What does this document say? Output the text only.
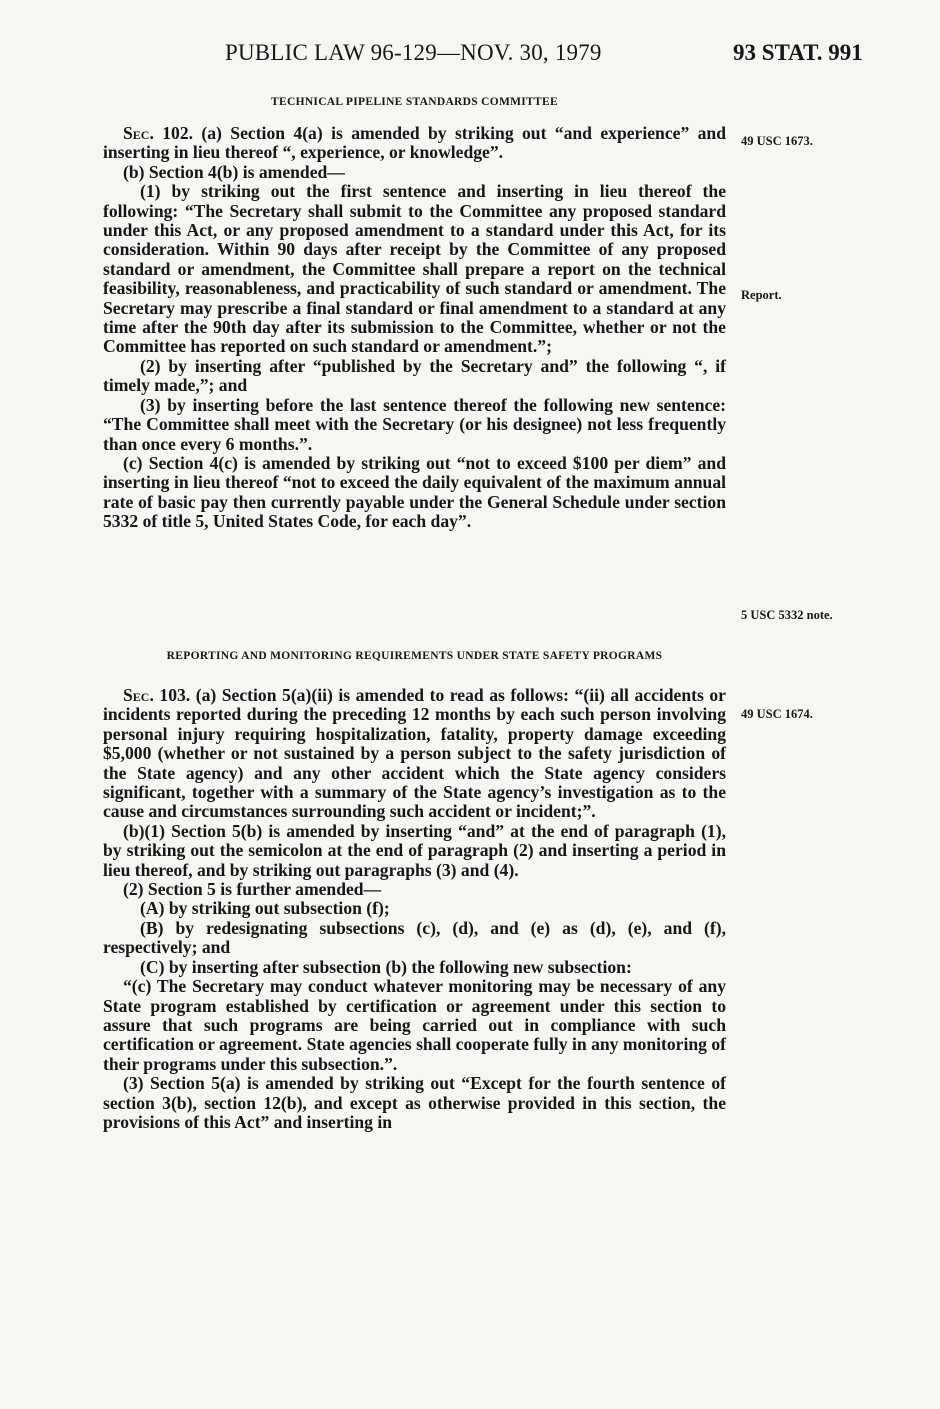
PUBLIC LAW 96-129—NOV. 30, 1979	93 STAT. 991
TECHNICAL PIPELINE STANDARDS COMMITTEE

Sec. 102. (a) Section 4(a) is amended by striking out “and experience” and inserting in lieu thereof “, experience, or knowledge”.

(b) Section 4(b) is amended—

(1) by striking out the first sentence and inserting in lieu thereof the following: “The Secretary shall submit to the Committee any proposed standard under this Act, or any proposed amendment to a standard under this Act, for its consideration. Within 90 days after receipt by the Committee of any proposed standard or amendment, the Committee shall prepare a report on the technical feasibility, reasonableness, and practicability of such standard or amendment. The Secretary may prescribe a final standard or final amendment to a standard at any time after the 90th day after its submission to the Committee, whether or not the Committee has reported on such standard or amendment.”;

(2) by inserting after “published by the Secretary and” the following “, if timely made,”; and

(3) by inserting before the last sentence thereof the following new sentence: “The Committee shall meet with the Secretary (or his designee) not less frequently than once every 6 months.”.

(c) Section 4(c) is amended by striking out “not to exceed $100 per diem” and inserting in lieu thereof “not to exceed the daily equivalent of the maximum annual rate of basic pay then currently payable under the General Schedule under section 5332 of title 5, United States Code, for each day”.

REPORTING AND MONITORING REQUIREMENTS UNDER STATE SAFETY PROGRAMS

Sec. 103. (a) Section 5(a)(ii) is amended to read as follows: “(ii) all accidents or incidents reported during the preceding 12 months by each such person involving personal injury requiring hospitalization, fatality, property damage exceeding $5,000 (whether or not sustained by a person subject to the safety jurisdiction of the State agency) and any other accident which the State agency considers significant, together with a summary of the State agency’s investigation as to the cause and circumstances surrounding such accident or incident;”.

(b)(1) Section 5(b) is amended by inserting “and” at the end of paragraph (1), by striking out the semicolon at the end of paragraph (2) and inserting a period in lieu thereof, and by striking out paragraphs (3) and (4).

(2) Section 5 is further amended—

(A) by striking out subsection (f);

(B) by redesignating subsections (c), (d), and (e) as (d), (e), and (f), respectively; and

(C) by inserting after subsection (b) the following new subsection:

“(c) The Secretary may conduct whatever monitoring may be necessary of any State program established by certification or agreement under this section to assure that such programs are being carried out in compliance with such certification or agreement. State agencies shall cooperate fully in any monitoring of their programs under this subsection.”.

(3) Section 5(a) is amended by striking out “Except for the fourth sentence of section 3(b), section 12(b), and except as otherwise provided in this section, the provisions of this Act” and inserting in

49 USC 1673.
Report.
5 USC 5332 note.
49 USC 1674.
